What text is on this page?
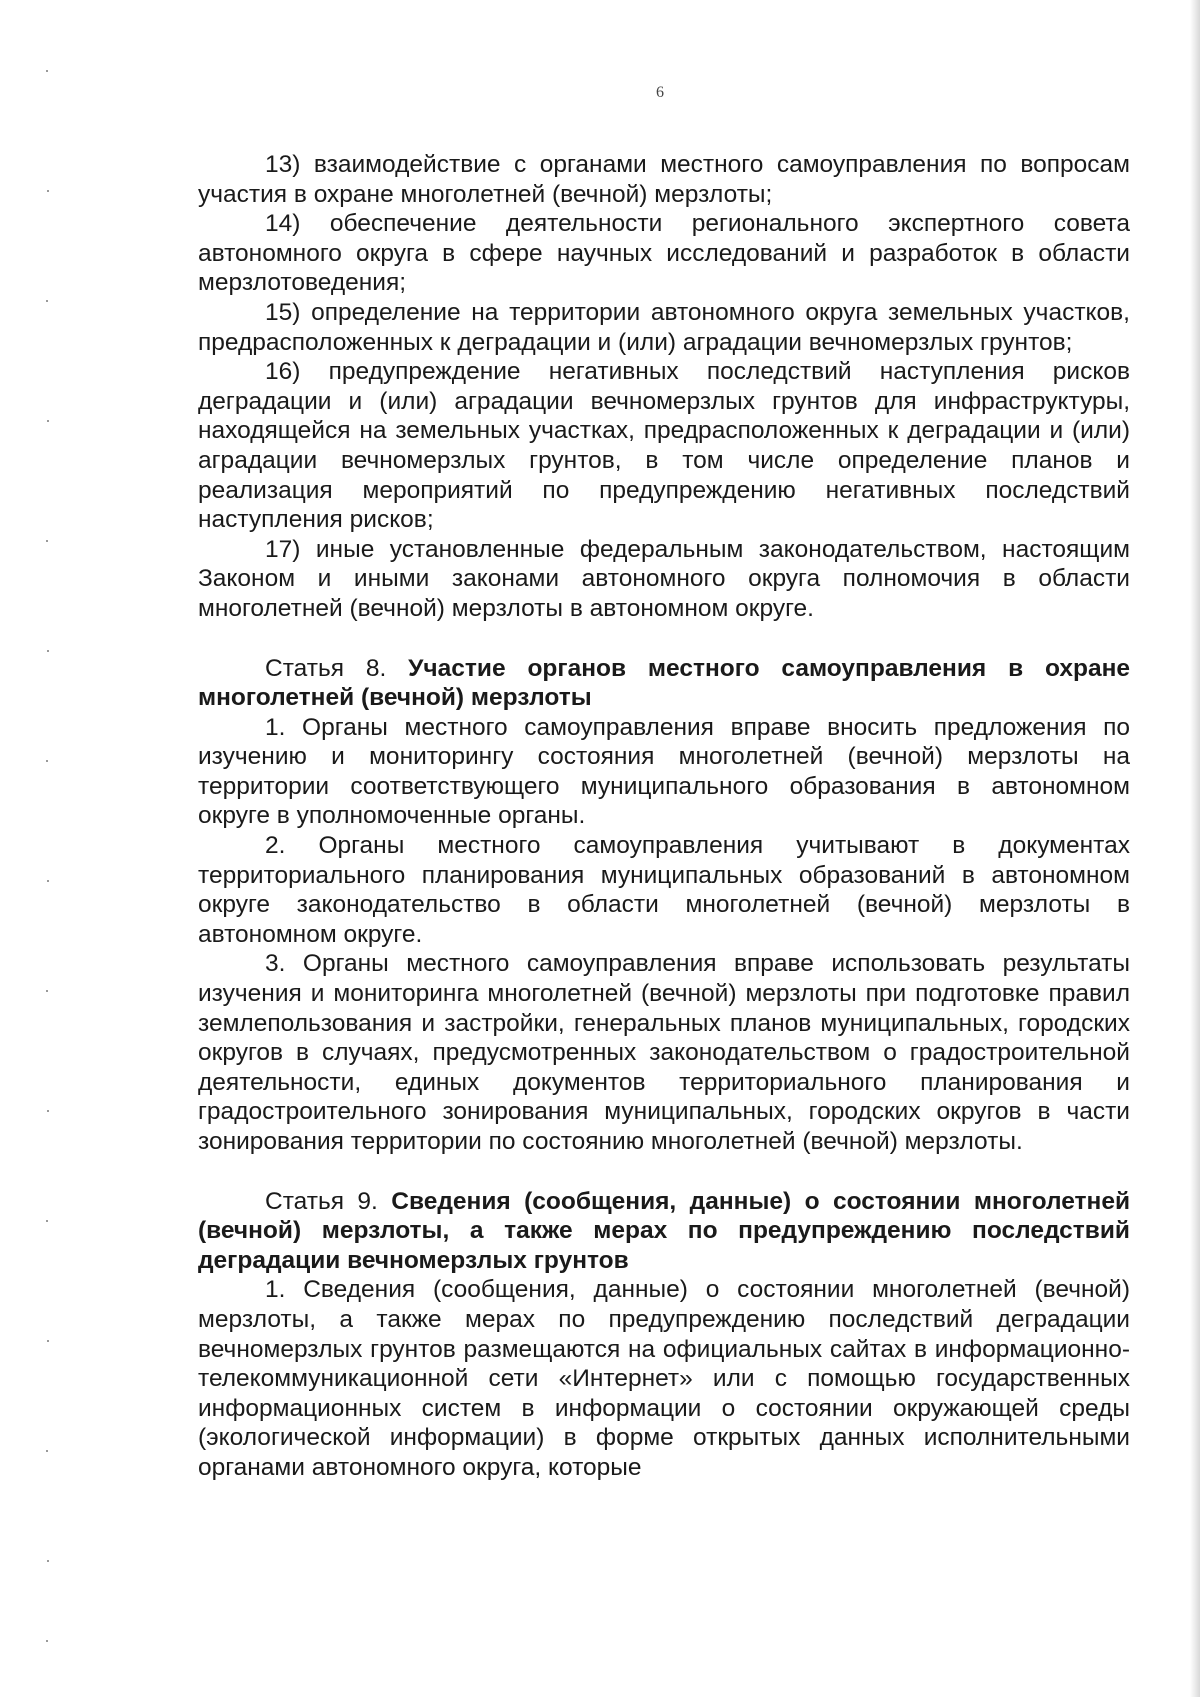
6

13) взаимодействие с органами местного самоуправления по вопросам участия в охране многолетней (вечной) мерзлоты;

14) обеспечение деятельности регионального экспертного совета автономного округа в сфере научных исследований и разработок в области мерзлотоведения;

15) определение на территории автономного округа земельных участков, предрасположенных к деградации и (или) аградации вечномерзлых грунтов;

16) предупреждение негативных последствий наступления рисков деградации и (или) аградации вечномерзлых грунтов для инфраструктуры, находящейся на земельных участках, предрасположенных к деградации и (или) аградации вечномерзлых грунтов, в том числе определение планов и реализация мероприятий по предупреждению негативных последствий наступления рисков;

17) иные установленные федеральным законодательством, настоящим Законом и иными законами автономного округа полномочия в области многолетней (вечной) мерзлоты в автономном округе.

Статья 8. Участие органов местного самоуправления в охране многолетней (вечной) мерзлоты

1. Органы местного самоуправления вправе вносить предложения по изучению и мониторингу состояния многолетней (вечной) мерзлоты на территории соответствующего муниципального образования в автономном округе в уполномоченные органы.

2. Органы местного самоуправления учитывают в документах территориального планирования муниципальных образований в автономном округе законодательство в области многолетней (вечной) мерзлоты в автономном округе.

3. Органы местного самоуправления вправе использовать результаты изучения и мониторинга многолетней (вечной) мерзлоты при подготовке правил землепользования и застройки, генеральных планов муниципальных, городских округов в случаях, предусмотренных законодательством о градостроительной деятельности, единых документов территориального планирования и градостроительного зонирования муниципальных, городских округов в части зонирования территории по состоянию многолетней (вечной) мерзлоты.

Статья 9. Сведения (сообщения, данные) о состоянии многолетней (вечной) мерзлоты, а также мерах по предупреждению последствий деградации вечномерзлых грунтов

1. Сведения (сообщения, данные) о состоянии многолетней (вечной) мерзлоты, а также мерах по предупреждению последствий деградации вечномерзлых грунтов размещаются на официальных сайтах в информационно-телекоммуникационной сети «Интернет» или с помощью государственных информационных систем в информации о состоянии окружающей среды (экологической информации) в форме открытых данных исполнительными органами автономного округа, которые
